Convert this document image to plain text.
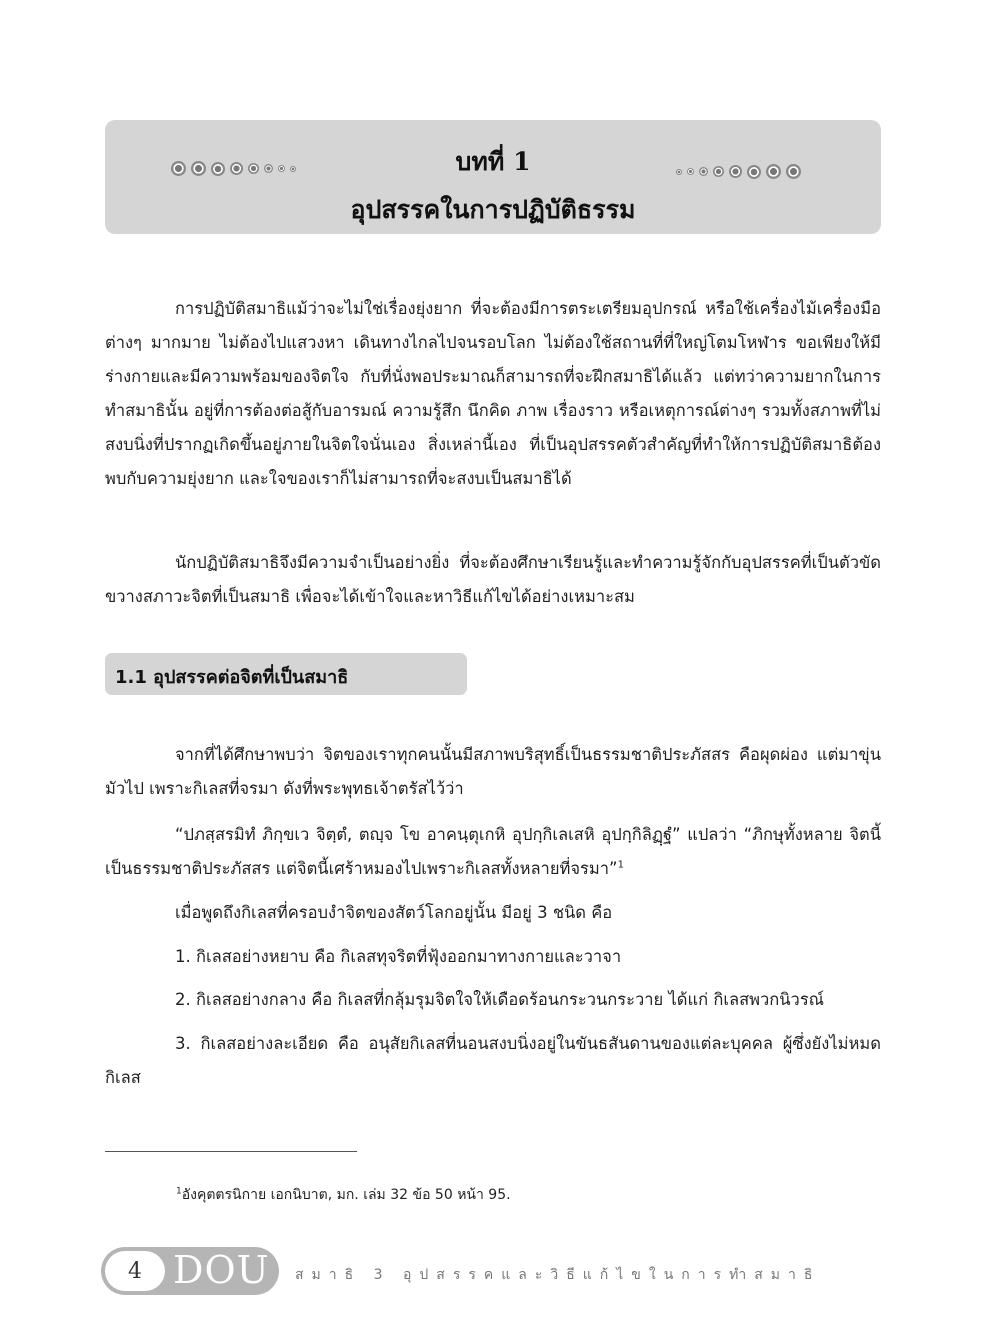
บทที่ 1
อุปสรรคในการปฏิบัติธรรม

การปฏิบัติสมาธิแม้ว่าจะไม่ใช่เรื่องยุ่งยาก ที่จะต้องมีการตระเตรียมอุปกรณ์ หรือใช้เครื่องไม้เครื่องมือต่างๆ มากมาย ไม่ต้องไปแสวงหา เดินทางไกลไปจนรอบโลก ไม่ต้องใช้สถานที่ที่ใหญ่โตมโหฬาร ขอเพียงให้มีร่างกายและมีความพร้อมของจิตใจ กับที่นั่งพอประมาณก็สามารถที่จะฝึกสมาธิได้แล้ว แต่ทว่าความยากในการทำสมาธินั้น อยู่ที่การต้องต่อสู้กับอารมณ์ ความรู้สึก นึกคิด ภาพ เรื่องราว หรือเหตุการณ์ต่างๆ รวมทั้งสภาพที่ไม่สงบนิ่งที่ปรากฏเกิดขึ้นอยู่ภายในจิตใจนั่นเอง สิ่งเหล่านี้เอง ที่เป็นอุปสรรคตัวสำคัญที่ทำให้การปฏิบัติสมาธิต้องพบกับความยุ่งยาก และใจของเราก็ไม่สามารถที่จะสงบเป็นสมาธิได้

นักปฏิบัติสมาธิจึงมีความจำเป็นอย่างยิ่ง ที่จะต้องศึกษาเรียนรู้และทำความรู้จักกับอุปสรรคที่เป็นตัวขัดขวางสภาวะจิตที่เป็นสมาธิ เพื่อจะได้เข้าใจและหาวิธีแก้ไขได้อย่างเหมาะสม

1.1 อุปสรรคต่อจิตที่เป็นสมาธิ

จากที่ได้ศึกษาพบว่า จิตของเราทุกคนนั้นมีสภาพบริสุทธิ์เป็นธรรมชาติประภัสสร คือผุดผ่อง แต่มาขุ่นมัวไป เพราะกิเลสที่จรมา ดังที่พระพุทธเจ้าตรัสไว้ว่า

“ปภสฺสรมิทํ ภิกฺขเว จิตฺตํ, ตญฺจ โข อาคนฺตุเกหิ อุปกฺกิเลเสหิ อุปกฺกิลิฏฺฐํ” แปลว่า “ภิกษุทั้งหลาย จิตนี้เป็นธรรมชาติประภัสสร แต่จิตนี้เศร้าหมองไปเพราะกิเลสทั้งหลายที่จรมา”$^1$

เมื่อพูดถึงกิเลสที่ครอบงำจิตของสัตว์โลกอยู่นั้น มีอยู่ 3 ชนิด คือ

1. กิเลสอย่างหยาบ คือ กิเลสทุจริตที่ฟุ้งออกมาทางกายและวาจา

2. กิเลสอย่างกลาง คือ กิเลสที่กลุ้มรุมจิตใจให้เดือดร้อนกระวนกระวาย ได้แก่ กิเลสพวกนิวรณ์

3. กิเลสอย่างละเอียด คือ อนุสัยกิเลสที่นอนสงบนิ่งอยู่ในขันธสันดานของแต่ละบุคคล ผู้ซึ่งยังไม่หมดกิเลส

$^1$อังคุตตรนิกาย เอกนิบาต, มก. เล่ม 32 ข้อ 50 หน้า 95.
4 DOU สมาธิ 3 อุปสรรคและวิธีแก้ไขในการทำสมาธิ
